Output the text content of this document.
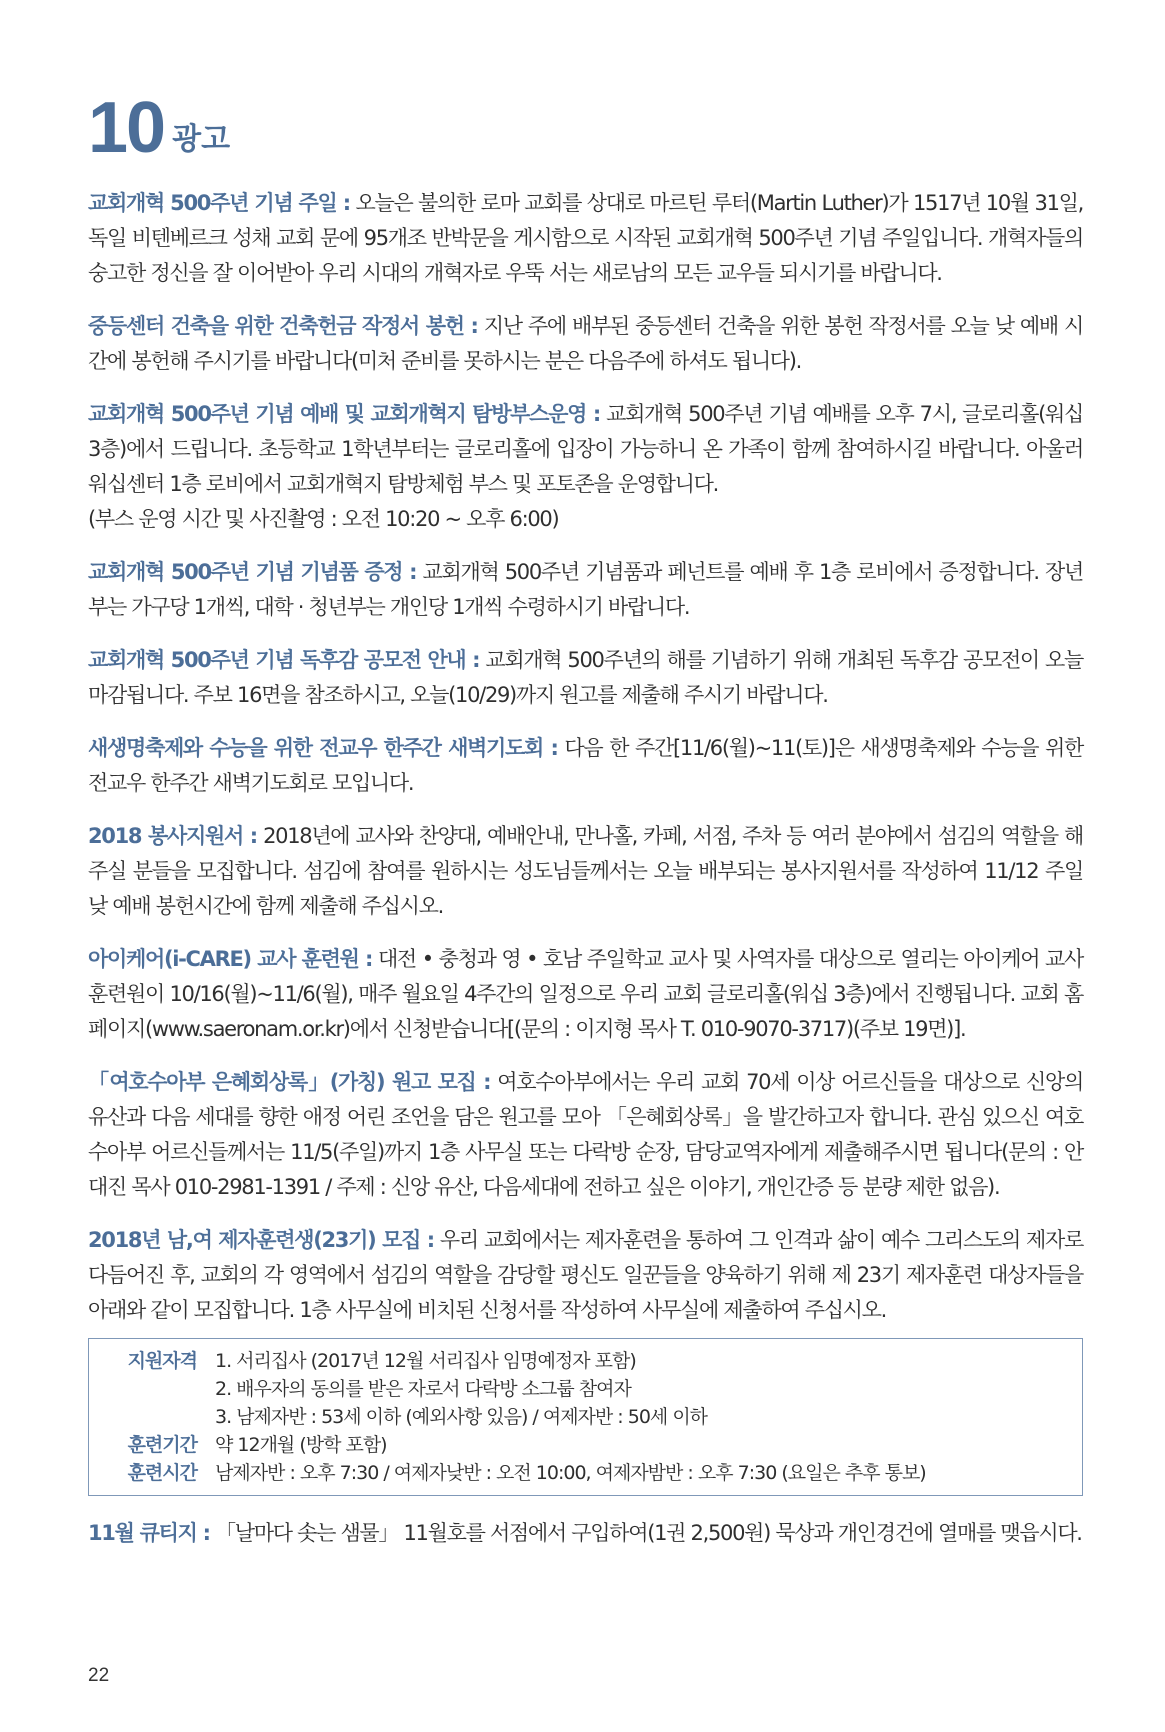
10 광고

교회개혁 500주년 기념 주일 : 오늘은 불의한 로마 교회를 상대로 마르틴 루터(Martin Luther)가 1517년 10월 31일, 독일 비텐베르크 성채 교회 문에 95개조 반박문을 게시함으로 시작된 교회개혁 500주년 기념 주일입니다. 개혁자들의 숭고한 정신을 잘 이어받아 우리 시대의 개혁자로 우뚝 서는 새로남의 모든 교우들 되시기를 바랍니다.

중등센터 건축을 위한 건축헌금 작정서 봉헌 : 지난 주에 배부된 중등센터 건축을 위한 봉헌 작정서를 오늘 낮 예배 시간에 봉헌해 주시기를 바랍니다(미처 준비를 못하시는 분은 다음주에 하셔도 됩니다).

교회개혁 500주년 기념 예배 및 교회개혁지 탐방부스운영 : 교회개혁 500주년 기념 예배를 오후 7시, 글로리홀(워십3층)에서 드립니다. 초등학교 1학년부터는 글로리홀에 입장이 가능하니 온 가족이 함께 참여하시길 바랍니다. 아울러 워십센터 1층 로비에서 교회개혁지 탐방체험 부스 및 포토존을 운영합니다.
(부스 운영 시간 및 사진촬영 : 오전 10:20 ~ 오후 6:00)

교회개혁 500주년 기념 기념품 증정 : 교회개혁 500주년 기념품과 페넌트를 예배 후 1층 로비에서 증정합니다. 장년부는 가구당 1개씩, 대학 · 청년부는 개인당 1개씩 수령하시기 바랍니다.

교회개혁 500주년 기념 독후감 공모전 안내 : 교회개혁 500주년의 해를 기념하기 위해 개최된 독후감 공모전이 오늘 마감됩니다. 주보 16면을 참조하시고, 오늘(10/29)까지 원고를 제출해 주시기 바랍니다.

새생명축제와 수능을 위한 전교우 한주간 새벽기도회 : 다음 한 주간[11/6(월)~11(토)]은 새생명축제와 수능을 위한 전교우 한주간 새벽기도회로 모입니다.

2018 봉사지원서 : 2018년에 교사와 찬양대, 예배안내, 만나홀, 카페, 서점, 주차 등 여러 분야에서 섬김의 역할을 해 주실 분들을 모집합니다. 섬김에 참여를 원하시는 성도님들께서는 오늘 배부되는 봉사지원서를 작성하여 11/12 주일낮 예배 봉헌시간에 함께 제출해 주십시오.

아이케어(i-CARE) 교사 훈련원 : 대전 • 충청과 영 • 호남 주일학교 교사 및 사역자를 대상으로 열리는 아이케어 교사훈련원이 10/16(월)~11/6(월), 매주 월요일 4주간의 일정으로 우리 교회 글로리홀(워십 3층)에서 진행됩니다. 교회 홈페이지(www.saeronam.or.kr)에서 신청받습니다[(문의 : 이지형 목사 T. 010-9070-3717)(주보 19면)].

「여호수아부 은혜회상록」(가칭) 원고 모집 : 여호수아부에서는 우리 교회 70세 이상 어르신들을 대상으로 신앙의 유산과 다음 세대를 향한 애정 어린 조언을 담은 원고를 모아 「은혜회상록」을 발간하고자 합니다. 관심 있으신 여호수아부 어르신들께서는 11/5(주일)까지 1층 사무실 또는 다락방 순장, 담당교역자에게 제출해주시면 됩니다(문의 : 안대진 목사 010-2981-1391 / 주제 : 신앙 유산, 다음세대에 전하고 싶은 이야기, 개인간증 등 분량 제한 없음).

2018년 남,여 제자훈련생(23기) 모집 : 우리 교회에서는 제자훈련을 통하여 그 인격과 삶이 예수 그리스도의 제자로 다듬어진 후, 교회의 각 영역에서 섬김의 역할을 감당할 평신도 일꾼들을 양육하기 위해 제 23기 제자훈련 대상자들을 아래와 같이 모집합니다. 1층 사무실에 비치된 신청서를 작성하여 사무실에 제출하여 주십시오.

지원자격 1. 서리집사 (2017년 12월 서리집사 임명예정자 포함)
2. 배우자의 동의를 받은 자로서 다락방 소그룹 참여자
3. 남제자반 : 53세 이하 (예외사항 있음) / 여제자반 : 50세 이하
훈련기간 약 12개월 (방학 포함)
훈련시간 남제자반 : 오후 7:30 / 여제자낮반 : 오전 10:00, 여제자밤반 : 오후 7:30 (요일은 추후 통보)

11월 큐티지 : 「날마다 솟는 샘물」 11월호를 서점에서 구입하여(1권 2,500원) 묵상과 개인경건에 열매를 맺읍시다.

22
